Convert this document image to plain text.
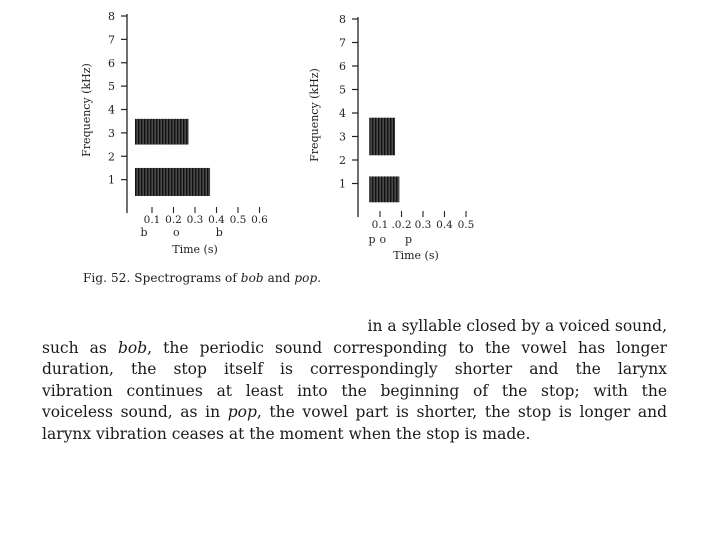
1
2
3
4
5
6
7
8
0.1 0.2 0.3 0.4 0.5 0.6
b o	b
Time (s)
Frequency (kHz)
1
2
3
4
5
6
7
8
0.1 .0.2 0.3 0.4 0.5
p o p
Time (s)
Frequency (kHz)
Fig. 52. Spectrograms of bob and pop.
in a syllable closed by a voiced sound,
such as bob, the periodic sound corresponding to the vowel has longer
duration, the stop itself is correspondingly shorter and the larynx
vibration continues at least into the beginning of the stop; with the
voiceless sound, as in pop, the vowel part is shorter, the stop is longer and
larynx vibration ceases at the moment when the stop is made.
